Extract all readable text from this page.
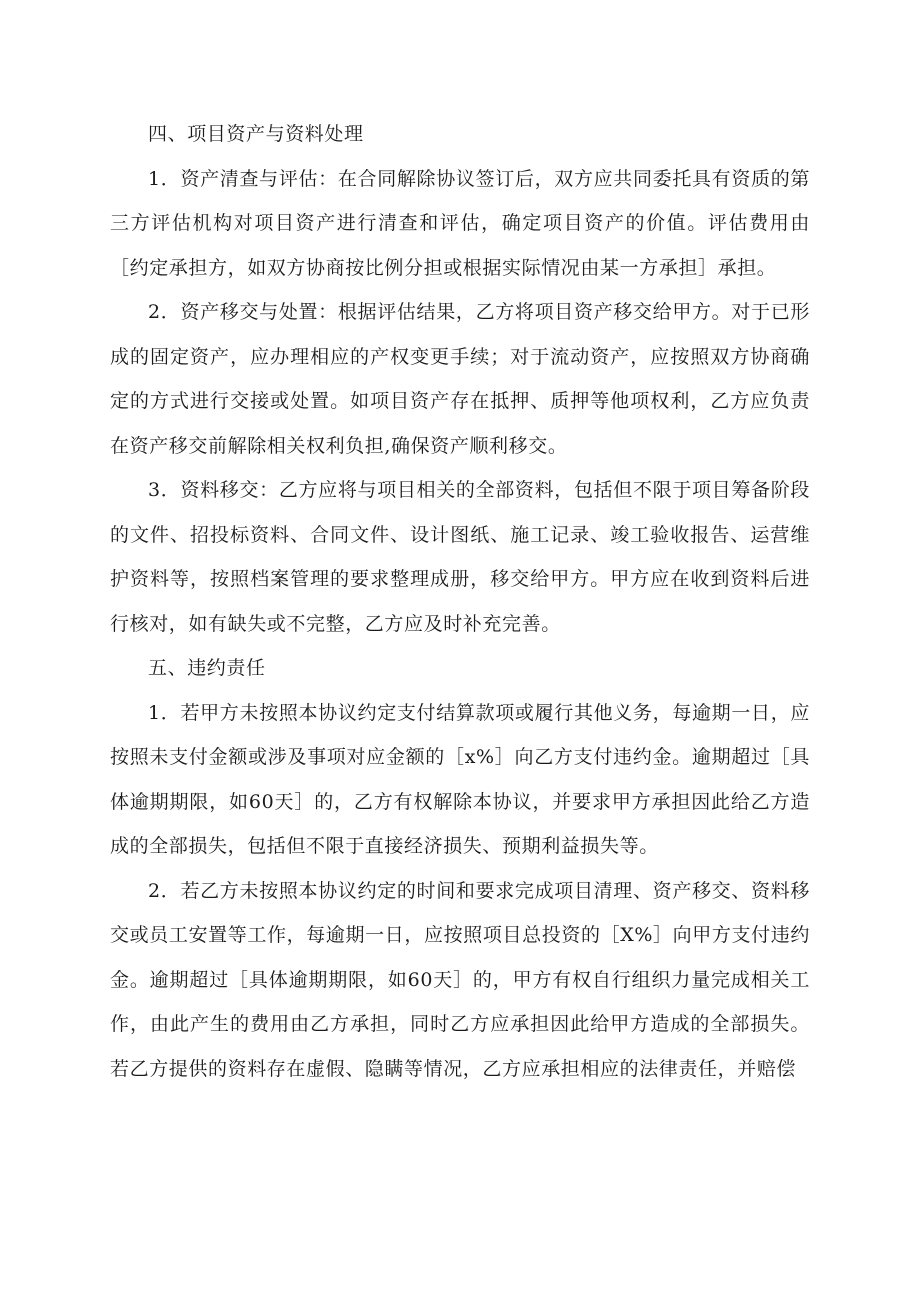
四、项目资产与资料处理

1．资产清查与评估：在合同解除协议签订后，双方应共同委托具有资质的第三方评估机构对项目资产进行清查和评估，确定项目资产的价值。评估费用由［约定承担方，如双方协商按比例分担或根据实际情况由某一方承担］承担。

2．资产移交与处置：根据评估结果，乙方将项目资产移交给甲方。对于已形成的固定资产，应办理相应的产权变更手续；对于流动资产，应按照双方协商确定的方式进行交接或处置。如项目资产存在抵押、质押等他项权利，乙方应负责在资产移交前解除相关权利负担,确保资产顺利移交。

3．资料移交：乙方应将与项目相关的全部资料，包括但不限于项目筹备阶段的文件、招投标资料、合同文件、设计图纸、施工记录、竣工验收报告、运营维护资料等，按照档案管理的要求整理成册，移交给甲方。甲方应在收到资料后进行核对，如有缺失或不完整，乙方应及时补充完善。

五、违约责任

1．若甲方未按照本协议约定支付结算款项或履行其他义务，每逾期一日，应按照未支付金额或涉及事项对应金额的［x%］向乙方支付违约金。逾期超过［具体逾期期限，如60天］的，乙方有权解除本协议，并要求甲方承担因此给乙方造成的全部损失，包括但不限于直接经济损失、预期利益损失等。

2．若乙方未按照本协议约定的时间和要求完成项目清理、资产移交、资料移交或员工安置等工作，每逾期一日，应按照项目总投资的［X%］向甲方支付违约金。逾期超过［具体逾期期限，如60天］的，甲方有权自行组织力量完成相关工作，由此产生的费用由乙方承担，同时乙方应承担因此给甲方造成的全部损失。若乙方提供的资料存在虚假、隐瞒等情况，乙方应承担相应的法律责任，并赔偿
